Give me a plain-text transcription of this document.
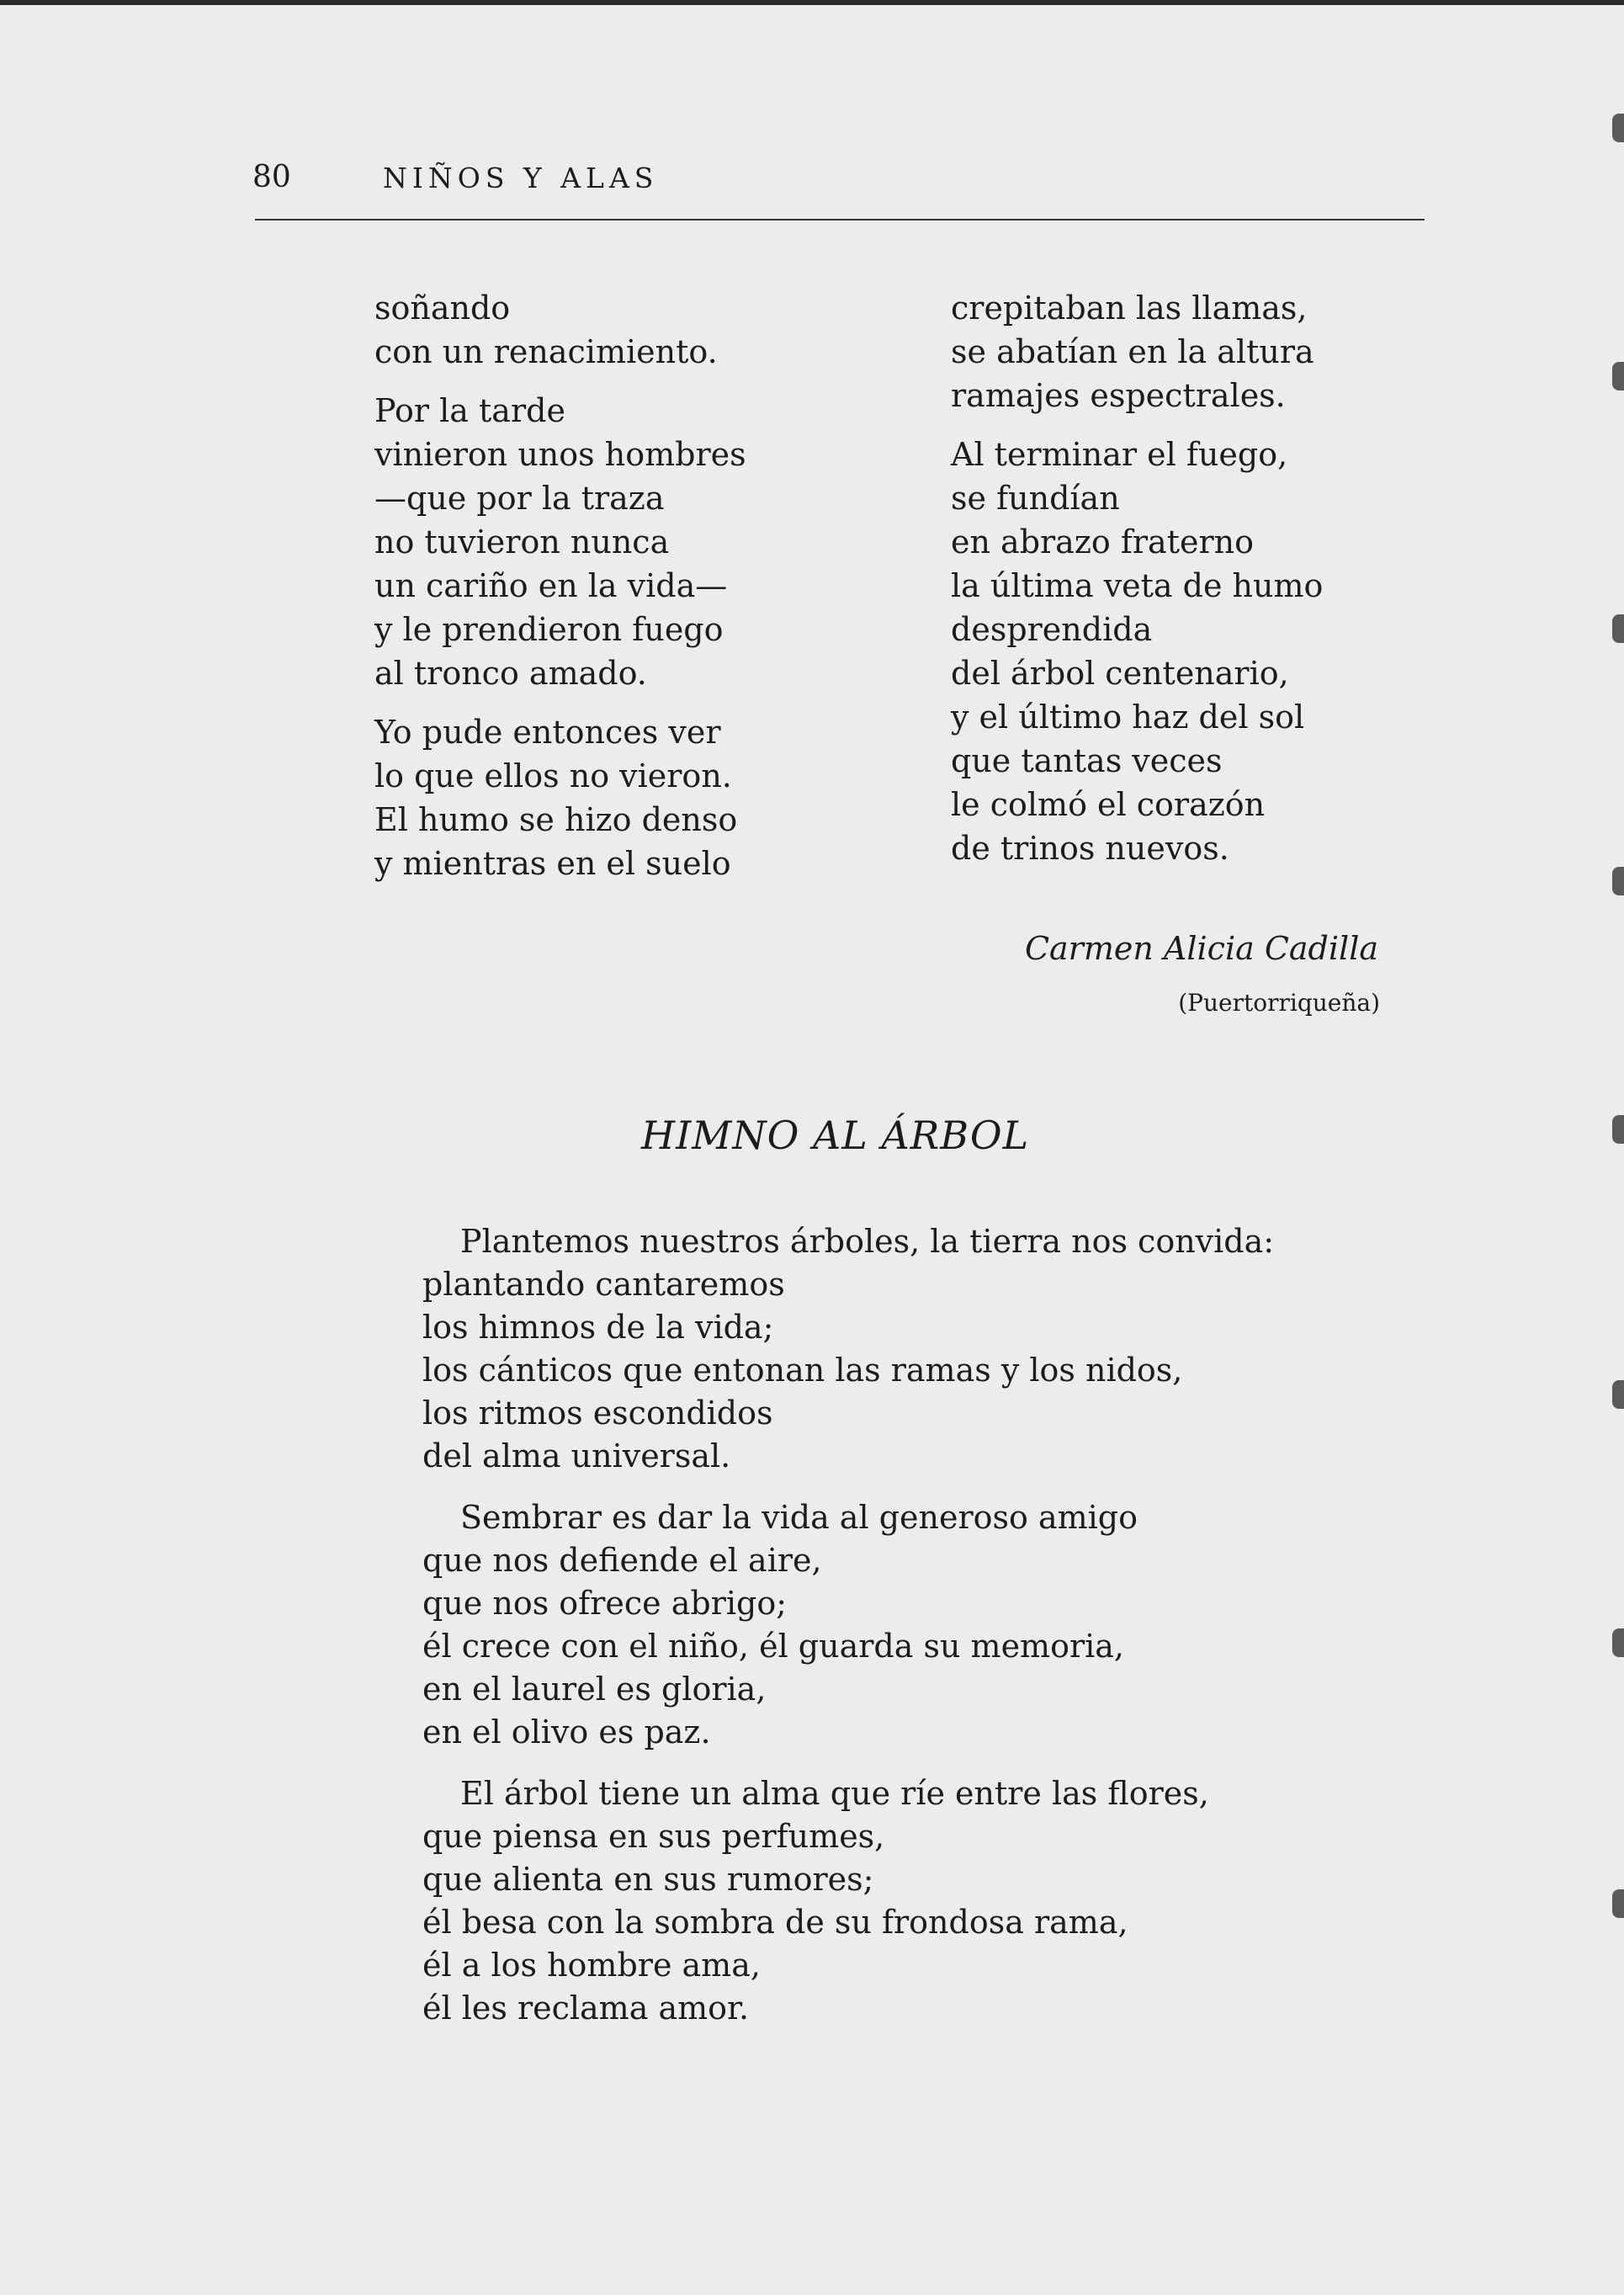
80	NIÑOS Y ALAS
soñando
con un renacimiento.
Por la tarde
vinieron unos hombres
—que por la traza
no tuvieron nunca
un cariño en la vida—
y le prendieron fuego
al tronco amado.
Yo pude entonces ver
lo que ellos no vieron.
El humo se hizo denso
y mientras en el suelo
crepitaban las llamas,
se abatían en la altura
ramajes espectrales.
Al terminar el fuego,
se fundían
en abrazo fraterno
la última veta de humo
desprendida
del árbol centenario,
y el último haz del sol
que tantas veces
le colmó el corazón
de trinos nuevos.
Carmen Alicia Cadilla
(Puertorriqueña)
HIMNO AL ÁRBOL
Plantemos nuestros árboles, la tierra nos convida:
plantando cantaremos
los himnos de la vida;
los cánticos que entonan las ramas y los nidos,
los ritmos escondidos
del alma universal.
Sembrar es dar la vida al generoso amigo
que nos defiende el aire,
que nos ofrece abrigo;
él crece con el niño, él guarda su memoria,
en el laurel es gloria,
en el olivo es paz.
El árbol tiene un alma que ríe entre las flores,
que piensa en sus perfumes,
que alienta en sus rumores;
él besa con la sombra de su frondosa rama,
él a los hombre ama,
él les reclama amor.
